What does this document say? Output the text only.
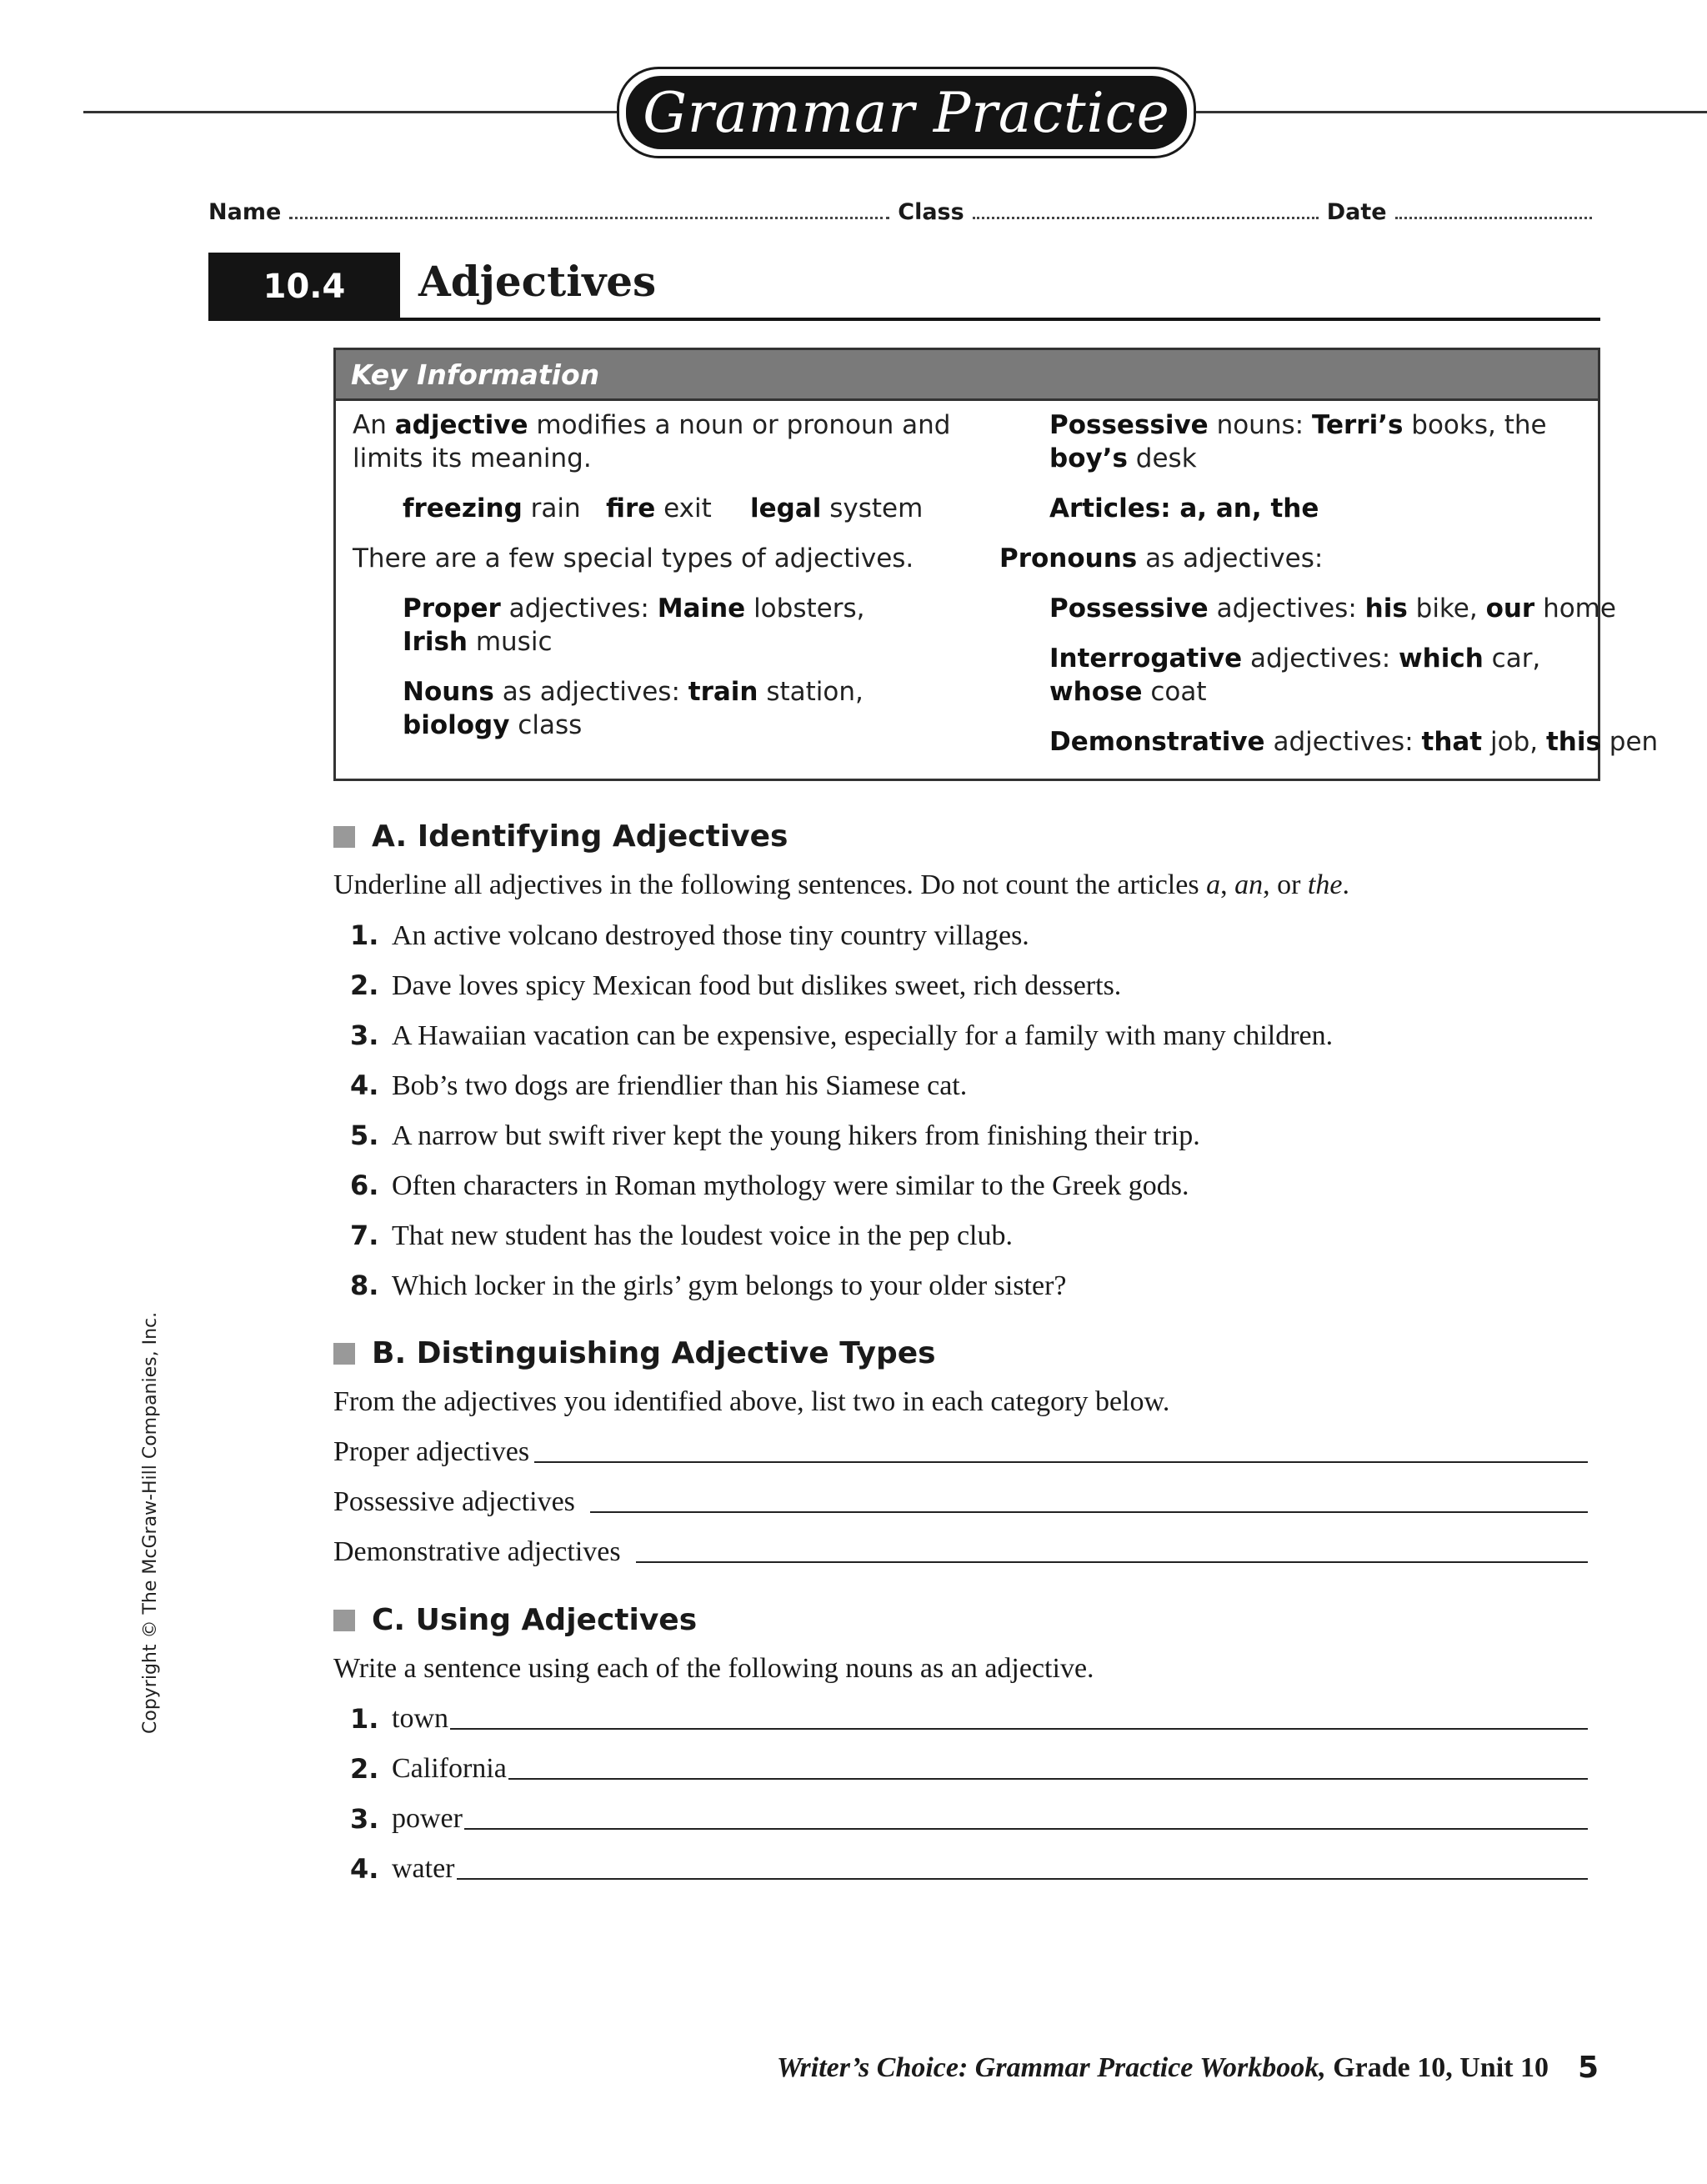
Grammar Practice
Name	Class	Date
10.4	Adjectives
Key Information
An adjective modifies a noun or pronoun and
limits its meaning.
freezing rain fire exit legal system
There are a few special types of adjectives.
Proper adjectives: Maine lobsters,
Irish music
Nouns as adjectives: train station,
biology class
Possessive nouns: Terri’s books, the
boy’s desk
Articles: a, an, the
Pronouns as adjectives:
Possessive adjectives: his bike, our home
Interrogative adjectives: which car,
whose coat
Demonstrative adjectives: that job, this pen
A. Identifying Adjectives
Underline all adjectives in the following sentences. Do not count the articles a, an, or the.
1. An active volcano destroyed those tiny country villages.
2. Dave loves spicy Mexican food but dislikes sweet, rich desserts.
3. A Hawaiian vacation can be expensive, especially for a family with many children.
4. Bob’s two dogs are friendlier than his Siamese cat.
5. A narrow but swift river kept the young hikers from finishing their trip.
6. Often characters in Roman mythology were similar to the Greek gods.
7. That new student has the loudest voice in the pep club.
8. Which locker in the girls’ gym belongs to your older sister?
B. Distinguishing Adjective Types
From the adjectives you identified above, list two in each category below.
Proper adjectives
Possessive adjectives
Demonstrative adjectives
C. Using Adjectives
Write a sentence using each of the following nouns as an adjective.
1. town
2. California
3. power
4. water
Copyright © The McGraw-Hill Companies, Inc.
Writer’s Choice: Grammar Practice Workbook, Grade 10, Unit 10 5
